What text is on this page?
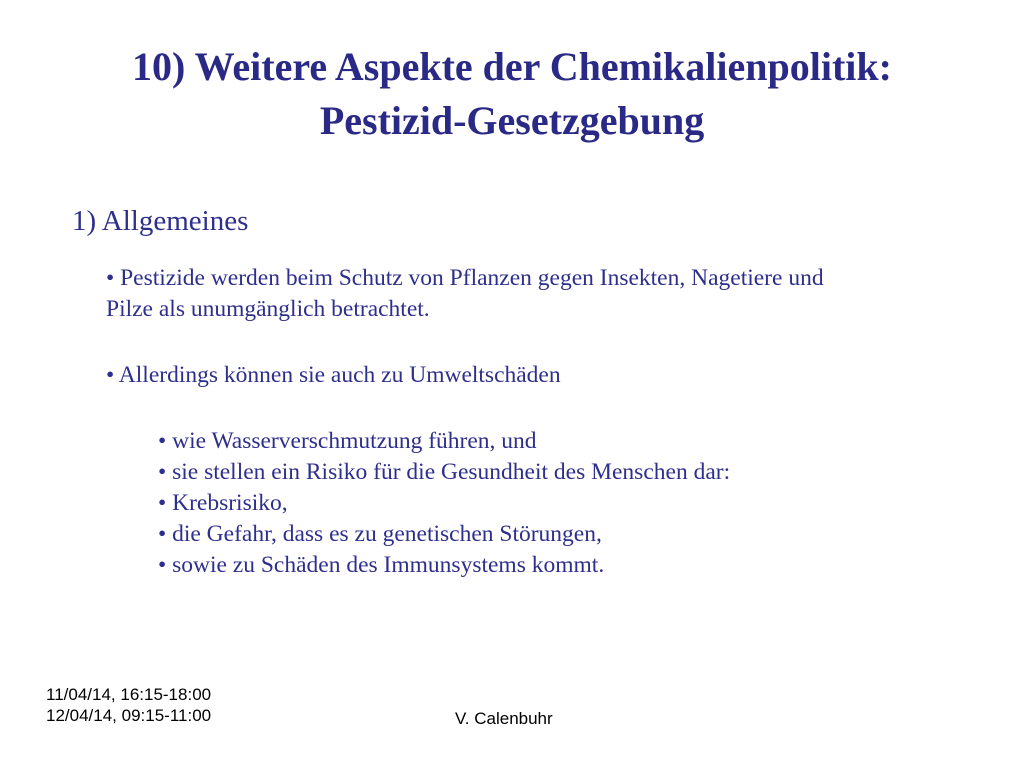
10) Weitere Aspekte der Chemikalienpolitik:
Pestizid-Gesetzgebung
1) Allgemeines
• Pestizide werden beim Schutz von Pflanzen gegen Insekten, Nagetiere und
Pilze als unumgänglich betrachtet.
• Allerdings können sie auch zu Umweltschäden
• wie Wasserverschmutzung führen, und
• sie stellen ein Risiko für die Gesundheit des Menschen dar:
• Krebsrisiko,
• die Gefahr, dass es zu genetischen Störungen,
• sowie zu Schäden des Immunsystems kommt.
11/04/14, 16:15-18:00
12/04/14, 09:15-11:00	V. Calenbuhr
